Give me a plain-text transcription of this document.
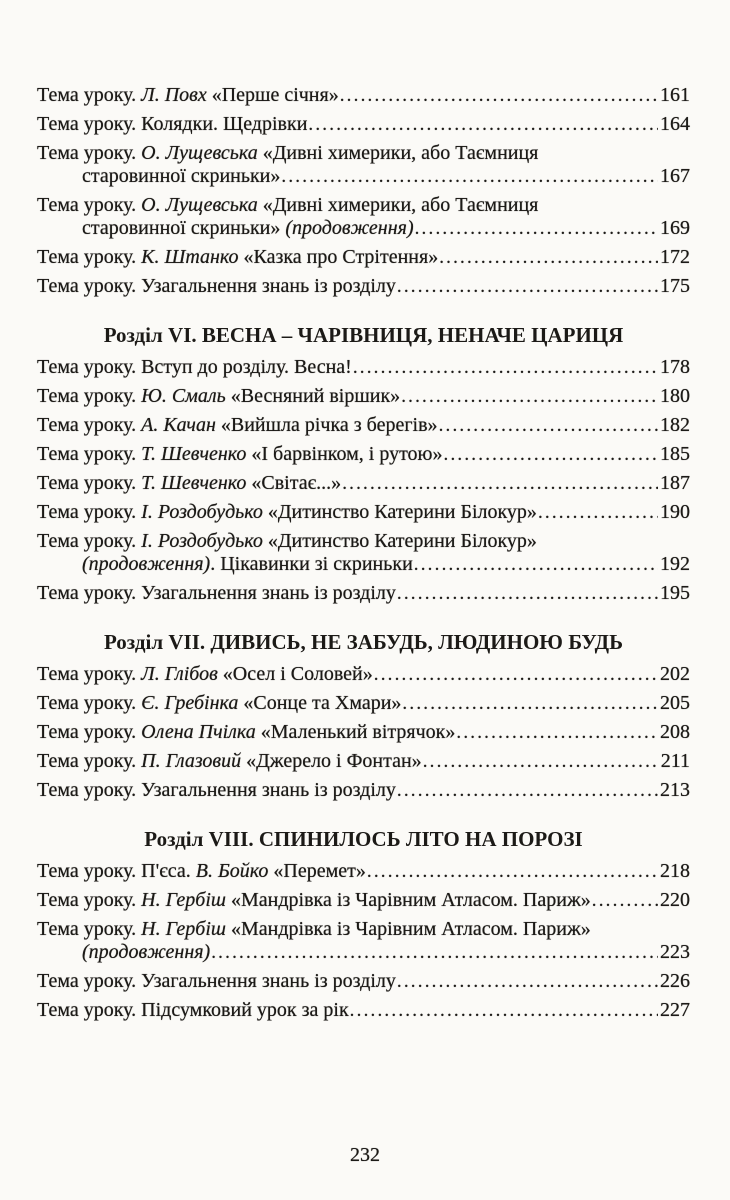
Тема уроку. Л. Повх «Перше січня» .....	161
Тема уроку. Колядки. Щедрівки .....	164
Тема уроку. О. Лущевська «Дивні химерики, або Таємниця
старовинної скриньки» .....	167
Тема уроку. О. Лущевська «Дивні химерики, або Таємниця
старовинної скриньки» (продовження) .....	169
Тема уроку. К. Штанко «Казка про Стрітення» .....	172
Тема уроку. Узагальнення знань із розділу .....	175
Розділ VI. ВЕСНА – ЧАРІВНИЦЯ, НЕНАЧЕ ЦАРИЦЯ
Тема уроку. Вступ до розділу. Весна! .....	178
Тема уроку. Ю. Смаль «Весняний віршик» .....	180
Тема уроку. А. Качан «Вийшла річка з берегів» .....	182
Тема уроку. Т. Шевченко «І барвінком, і рутою» .....	185
Тема уроку. Т. Шевченко «Світає...» .....	187
Тема уроку. І. Роздобудько «Дитинство Катерини Білокур» .....	190
Тема уроку. І. Роздобудько «Дитинство Катерини Білокур»
(продовження). Цікавинки зі скриньки .....	192
Тема уроку. Узагальнення знань із розділу .....	195
Розділ VII. ДИВИСЬ, НЕ ЗАБУДЬ, ЛЮДИНОЮ БУДЬ
Тема уроку. Л. Глібов «Осел і Соловей» .....	202
Тема уроку. Є. Гребінка «Сонце та Хмари» .....	205
Тема уроку. Олена Пчілка «Маленький вітрячок» .....	208
Тема уроку. П. Глазовий «Джерело і Фонтан» .....	211
Тема уроку. Узагальнення знань із розділу .....	213
Розділ VIII. СПИНИЛОСЬ ЛІТО НА ПОРОЗІ
Тема уроку. П'єса. В. Бойко «Перемет» .....	218
Тема уроку. Н. Гербіш «Мандрівка із Чарівним Атласом. Париж» .....	220
Тема уроку. Н. Гербіш «Мандрівка із Чарівним Атласом. Париж»
(продовження) .....	223
Тема уроку. Узагальнення знань із розділу .....	226
Тема уроку. Підсумковий урок за рік .....	227
232
